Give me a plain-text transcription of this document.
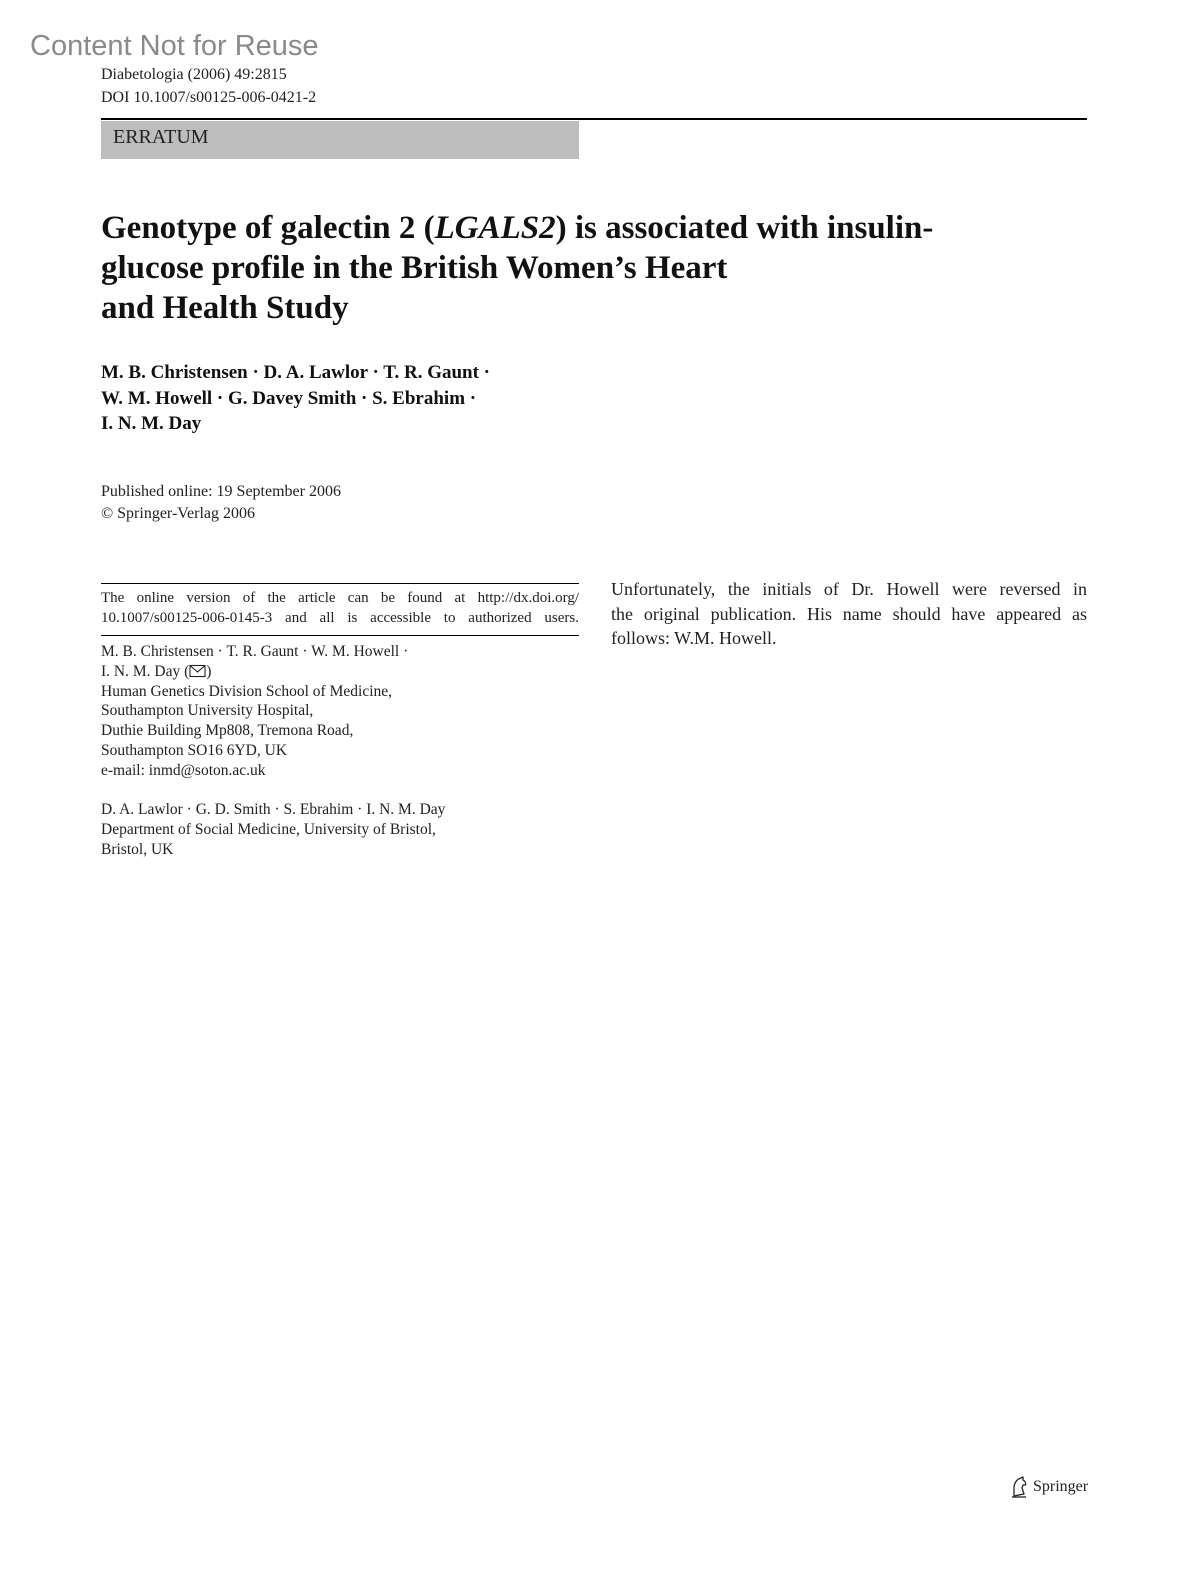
Content Not for Reuse
Diabetologia (2006) 49:2815
DOI 10.1007/s00125-006-0421-2
ERRATUM
Genotype of galectin 2 (LGALS2) is associated with insulin-
glucose profile in the British Women’s Heart
and Health Study
M. B. Christensen · D. A. Lawlor · T. R. Gaunt ·
W. M. Howell · G. Davey Smith · S. Ebrahim ·
I. N. M. Day
Published online: 19 September 2006
© Springer-Verlag 2006
The online version of the article can be found at http://dx.doi.org/
10.1007/s00125-006-0145-3 and all is accessible to authorized users.
M. B. Christensen · T. R. Gaunt · W. M. Howell ·
I. N. M. Day ( )
Human Genetics Division School of Medicine,
Southampton University Hospital,
Duthie Building Mp808, Tremona Road,
Southampton SO16 6YD, UK
e-mail: inmd@soton.ac.uk
D. A. Lawlor · G. D. Smith · S. Ebrahim · I. N. M. Day
Department of Social Medicine, University of Bristol,
Bristol, UK
Unfortunately, the initials of Dr. Howell were reversed in
the original publication. His name should have appeared as
follows: W.M. Howell.
Springer
